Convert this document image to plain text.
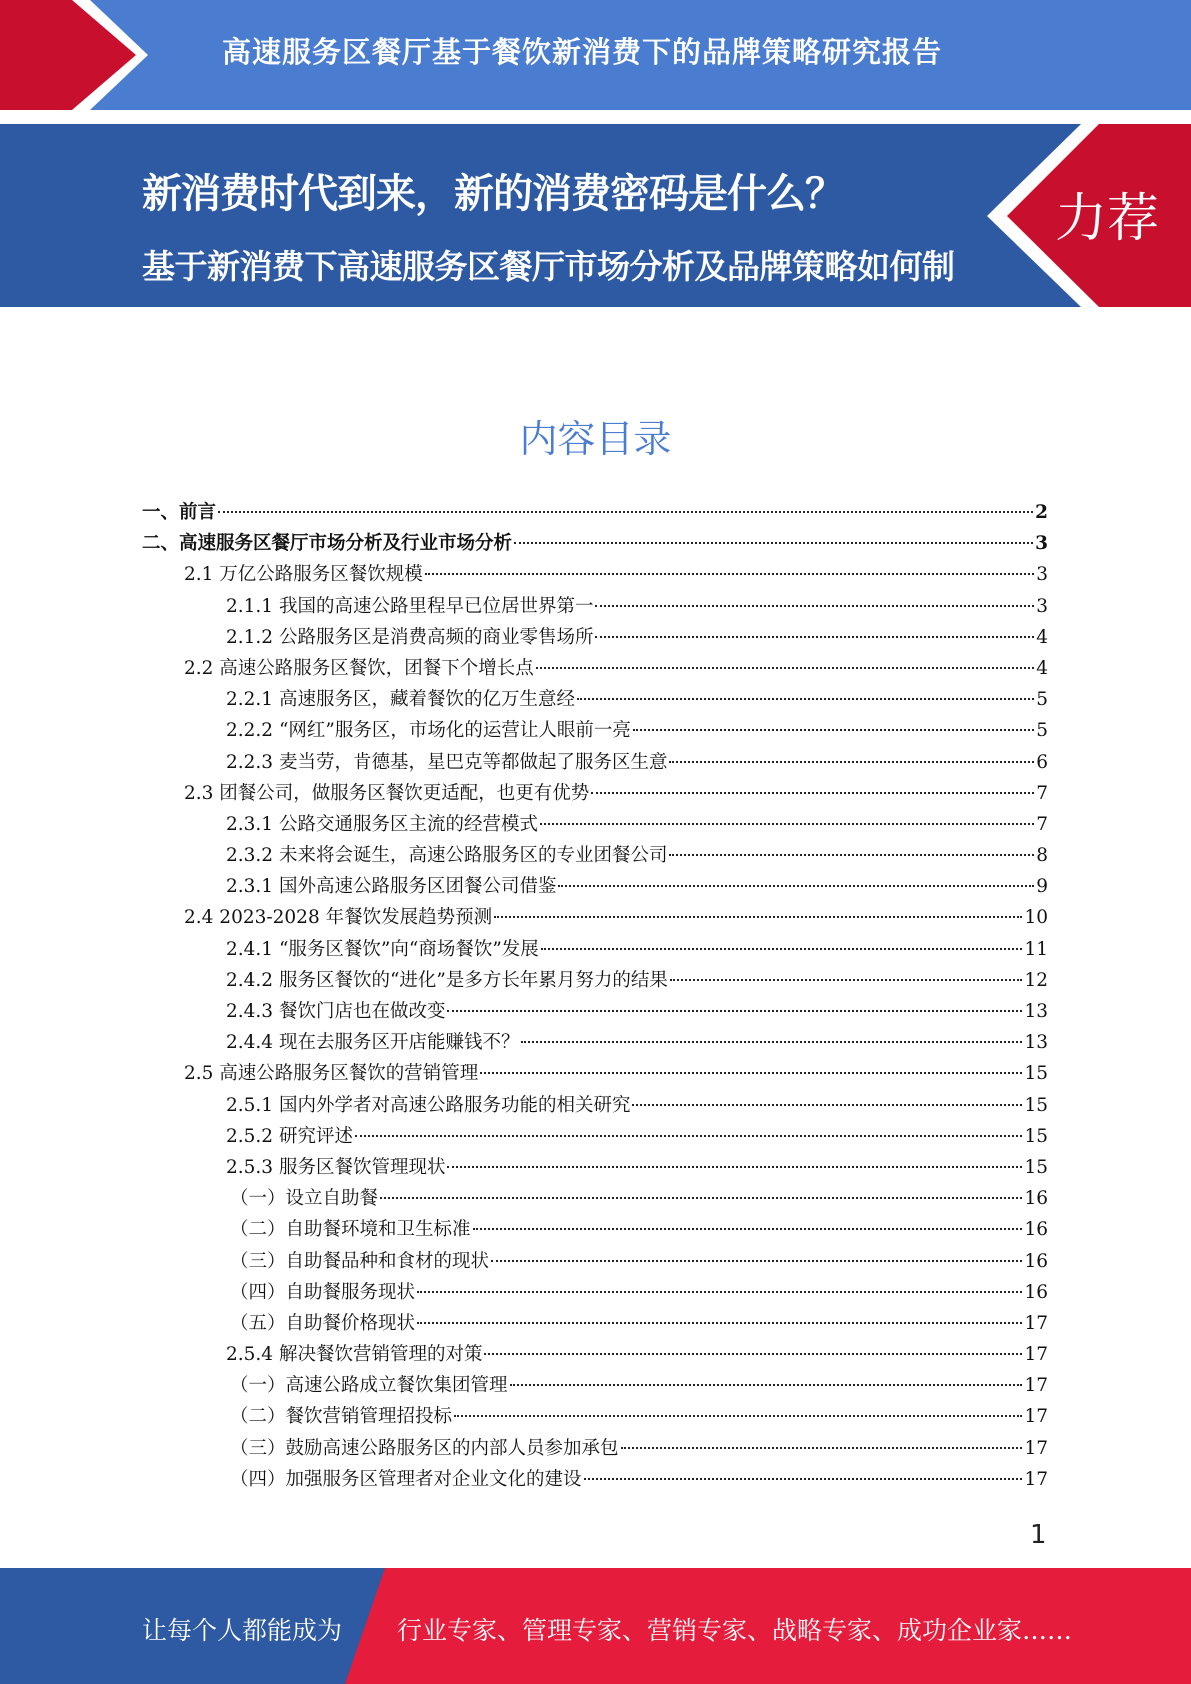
高速服务区餐厅基于餐饮新消费下的品牌策略研究报告
新消费时代到来，新的消费密码是什么？
基于新消费下高速服务区餐厅市场分析及品牌策略如何制定？？？
力荐
内容目录
一、前言	2
二、高速服务区餐厅市场分析及行业市场分析	3
2.1 万亿公路服务区餐饮规模	3
2.1.1 我国的高速公路里程早已位居世界第一	3
2.1.2 公路服务区是消费高频的商业零售场所	4
2.2 高速公路服务区餐饮，团餐下个增长点	4
2.2.1 高速服务区，藏着餐饮的亿万生意经	5
2.2.2 “网红”服务区，市场化的运营让人眼前一亮	5
2.2.3 麦当劳，肯德基，星巴克等都做起了服务区生意	6
2.3 团餐公司，做服务区餐饮更适配，也更有优势	7
2.3.1 公路交通服务区主流的经营模式	7
2.3.2 未来将会诞生，高速公路服务区的专业团餐公司	8
2.3.1 国外高速公路服务区团餐公司借鉴	9
2.4 2023-2028 年餐饮发展趋势预测	10
2.4.1 “服务区餐饮”向“商场餐饮”发展	11
2.4.2 服务区餐饮的“进化”是多方长年累月努力的结果	12
2.4.3 餐饮门店也在做改变	13
2.4.4 现在去服务区开店能赚钱不？	13
2.5 高速公路服务区餐饮的营销管理	15
2.5.1 国内外学者对高速公路服务功能的相关研究	15
2.5.2 研究评述	15
2.5.3 服务区餐饮管理现状	15
（一）设立自助餐	16
（二）自助餐环境和卫生标准	16
（三）自助餐品种和食材的现状	16
（四）自助餐服务现状	16
（五）自助餐价格现状	17
2.5.4 解决餐饮营销管理的对策	17
（一）高速公路成立餐饮集团管理	17
（二）餐饮营销管理招投标	17
（三）鼓励高速公路服务区的内部人员参加承包	17
（四）加强服务区管理者对企业文化的建设	17
1
让每个人都能成为 行业专家、管理专家、营销专家、战略专家、成功企业家……
